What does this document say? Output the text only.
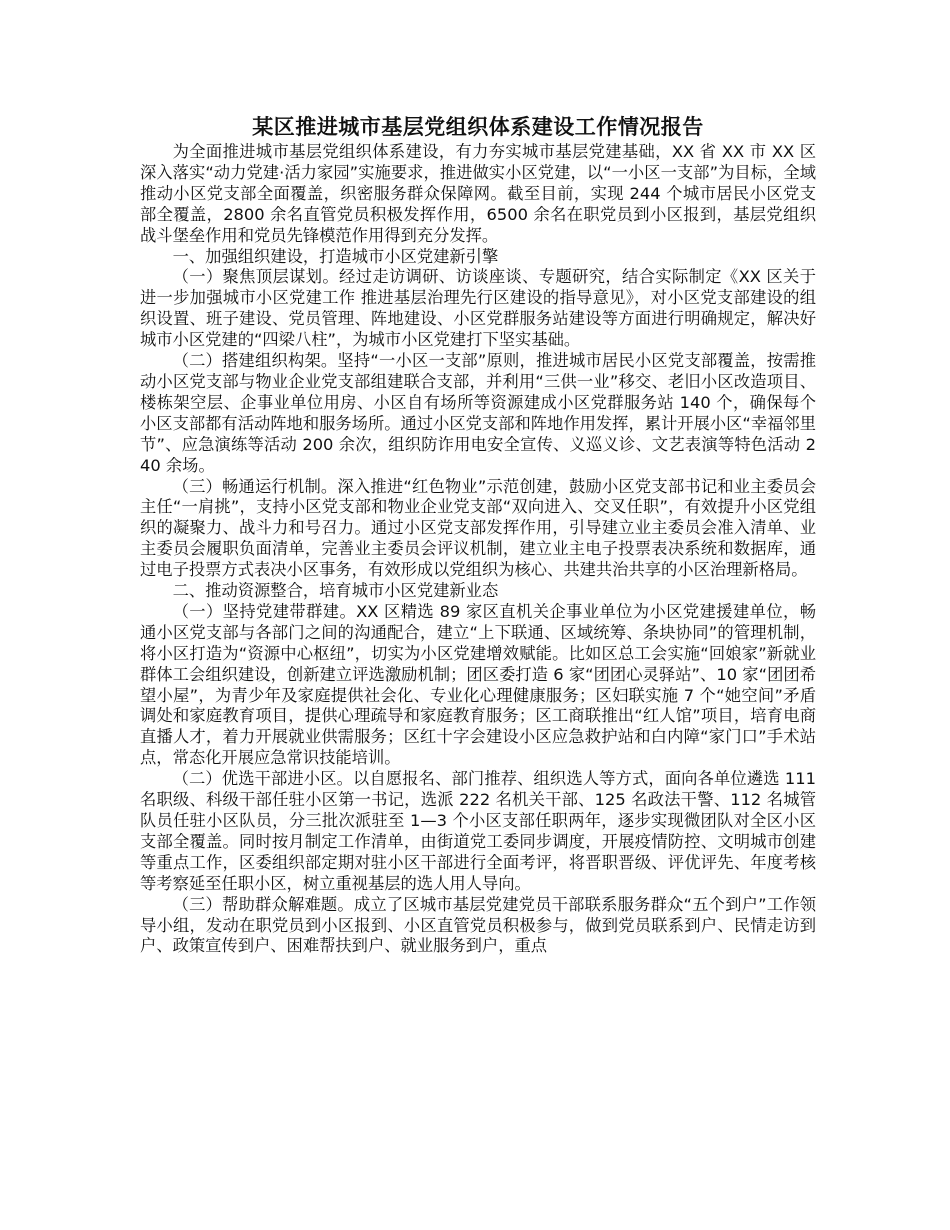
某区推进城市基层党组织体系建设工作情况报告

为全面推进城市基层党组织体系建设，有力夯实城市基层党建基础，XX 省 XX 市 XX 区深入落实“动力党建·活力家园”实施要求，推进做实小区党建，以“一小区一支部”为目标，全域推动小区党支部全面覆盖，织密服务群众保障网。截至目前，实现 244 个城市居民小区党支部全覆盖，2800 余名直管党员积极发挥作用，6500 余名在职党员到小区报到，基层党组织战斗堡垒作用和党员先锋模范作用得到充分发挥。

一、加强组织建设，打造城市小区党建新引擎

（一）聚焦顶层谋划。经过走访调研、访谈座谈、专题研究，结合实际制定《XX 区关于进一步加强城市小区党建工作 推进基层治理先行区建设的指导意见》，对小区党支部建设的组织设置、班子建设、党员管理、阵地建设、小区党群服务站建设等方面进行明确规定，解决好城市小区党建的“四梁八柱”，为城市小区党建打下坚实基础。

（二）搭建组织构架。坚持“一小区一支部”原则，推进城市居民小区党支部覆盖，按需推动小区党支部与物业企业党支部组建联合支部，并利用“三供一业”移交、老旧小区改造项目、楼栋架空层、企事业单位用房、小区自有场所等资源建成小区党群服务站 140 个，确保每个小区支部都有活动阵地和服务场所。通过小区党支部和阵地作用发挥，累计开展小区“幸福邻里节”、应急演练等活动 200 余次，组织防诈用电安全宣传、义巡义诊、文艺表演等特色活动 240 余场。

（三）畅通运行机制。深入推进“红色物业”示范创建，鼓励小区党支部书记和业主委员会主任“一肩挑”，支持小区党支部和物业企业党支部“双向进入、交叉任职”，有效提升小区党组织的凝聚力、战斗力和号召力。通过小区党支部发挥作用，引导建立业主委员会准入清单、业主委员会履职负面清单，完善业主委员会评议机制，建立业主电子投票表决系统和数据库，通过电子投票方式表决小区事务，有效形成以党组织为核心、共建共治共享的小区治理新格局。

二、推动资源整合，培育城市小区党建新业态

（一）坚持党建带群建。XX 区精选 89 家区直机关企事业单位为小区党建援建单位，畅通小区党支部与各部门之间的沟通配合，建立“上下联通、区域统筹、条块协同”的管理机制，将小区打造为“资源中心枢纽”，切实为小区党建增效赋能。比如区总工会实施“回娘家”新就业群体工会组织建设，创新建立评选激励机制；团区委打造 6 家“团团心灵驿站”、10 家“团团希望小屋”，为青少年及家庭提供社会化、专业化心理健康服务；区妇联实施 7 个“她空间”矛盾调处和家庭教育项目，提供心理疏导和家庭教育服务；区工商联推出“红人馆”项目，培育电商直播人才，着力开展就业供需服务；区红十字会建设小区应急救护站和白内障“家门口”手术站点，常态化开展应急常识技能培训。

（二）优选干部进小区。以自愿报名、部门推荐、组织选人等方式，面向各单位遴选 111 名职级、科级干部任驻小区第一书记，选派 222 名机关干部、125 名政法干警、112 名城管队员任驻小区队员，分三批次派驻至 1—3 个小区支部任职两年，逐步实现微团队对全区小区支部全覆盖。同时按月制定工作清单，由街道党工委同步调度，开展疫情防控、文明城市创建等重点工作，区委组织部定期对驻小区干部进行全面考评，将晋职晋级、评优评先、年度考核等考察延至任职小区，树立重视基层的选人用人导向。

（三）帮助群众解难题。成立了区城市基层党建党员干部联系服务群众“五个到户”工作领导小组，发动在职党员到小区报到、小区直管党员积极参与，做到党员联系到户、民情走访到户、政策宣传到户、困难帮扶到户、就业服务到户，重点
